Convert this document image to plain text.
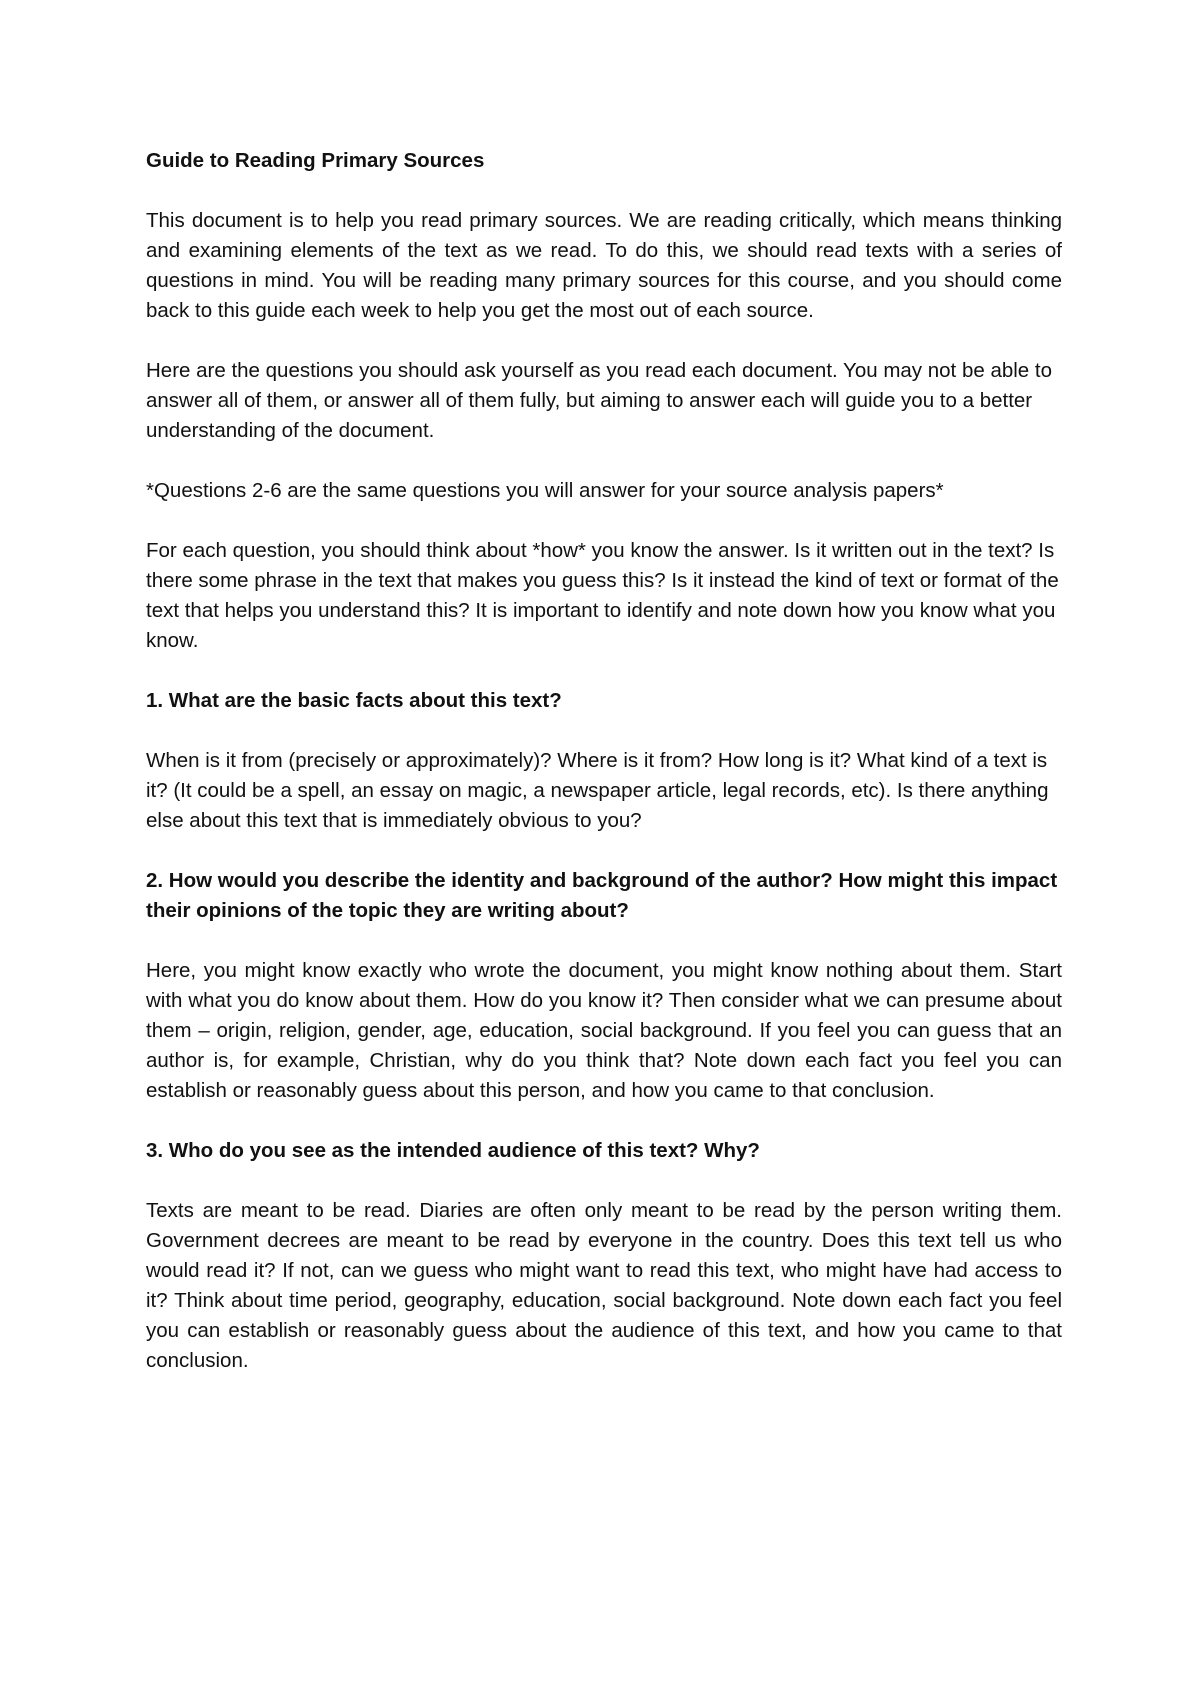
Guide to Reading Primary Sources

This document is to help you read primary sources. We are reading critically, which means thinking and examining elements of the text as we read. To do this, we should read texts with a series of questions in mind. You will be reading many primary sources for this course, and you should come back to this guide each week to help you get the most out of each source.

Here are the questions you should ask yourself as you read each document. You may not be able to answer all of them, or answer all of them fully, but aiming to answer each will guide you to a better understanding of the document.

*Questions 2-6 are the same questions you will answer for your source analysis papers*

For each question, you should think about *how* you know the answer. Is it written out in the text? Is there some phrase in the text that makes you guess this? Is it instead the kind of text or format of the text that helps you understand this? It is important to identify and note down how you know what you know.

1. What are the basic facts about this text?

When is it from (precisely or approximately)? Where is it from? How long is it? What kind of a text is it? (It could be a spell, an essay on magic, a newspaper article, legal records, etc). Is there anything else about this text that is immediately obvious to you?

2. How would you describe the identity and background of the author? How might this impact their opinions of the topic they are writing about?

Here, you might know exactly who wrote the document, you might know nothing about them. Start with what you do know about them. How do you know it? Then consider what we can presume about them – origin, religion, gender, age, education, social background. If you feel you can guess that an author is, for example, Christian, why do you think that? Note down each fact you feel you can establish or reasonably guess about this person, and how you came to that conclusion.

3. Who do you see as the intended audience of this text? Why?

Texts are meant to be read. Diaries are often only meant to be read by the person writing them. Government decrees are meant to be read by everyone in the country. Does this text tell us who would read it? If not, can we guess who might want to read this text, who might have had access to it? Think about time period, geography, education, social background. Note down each fact you feel you can establish or reasonably guess about the audience of this text, and how you came to that conclusion.
